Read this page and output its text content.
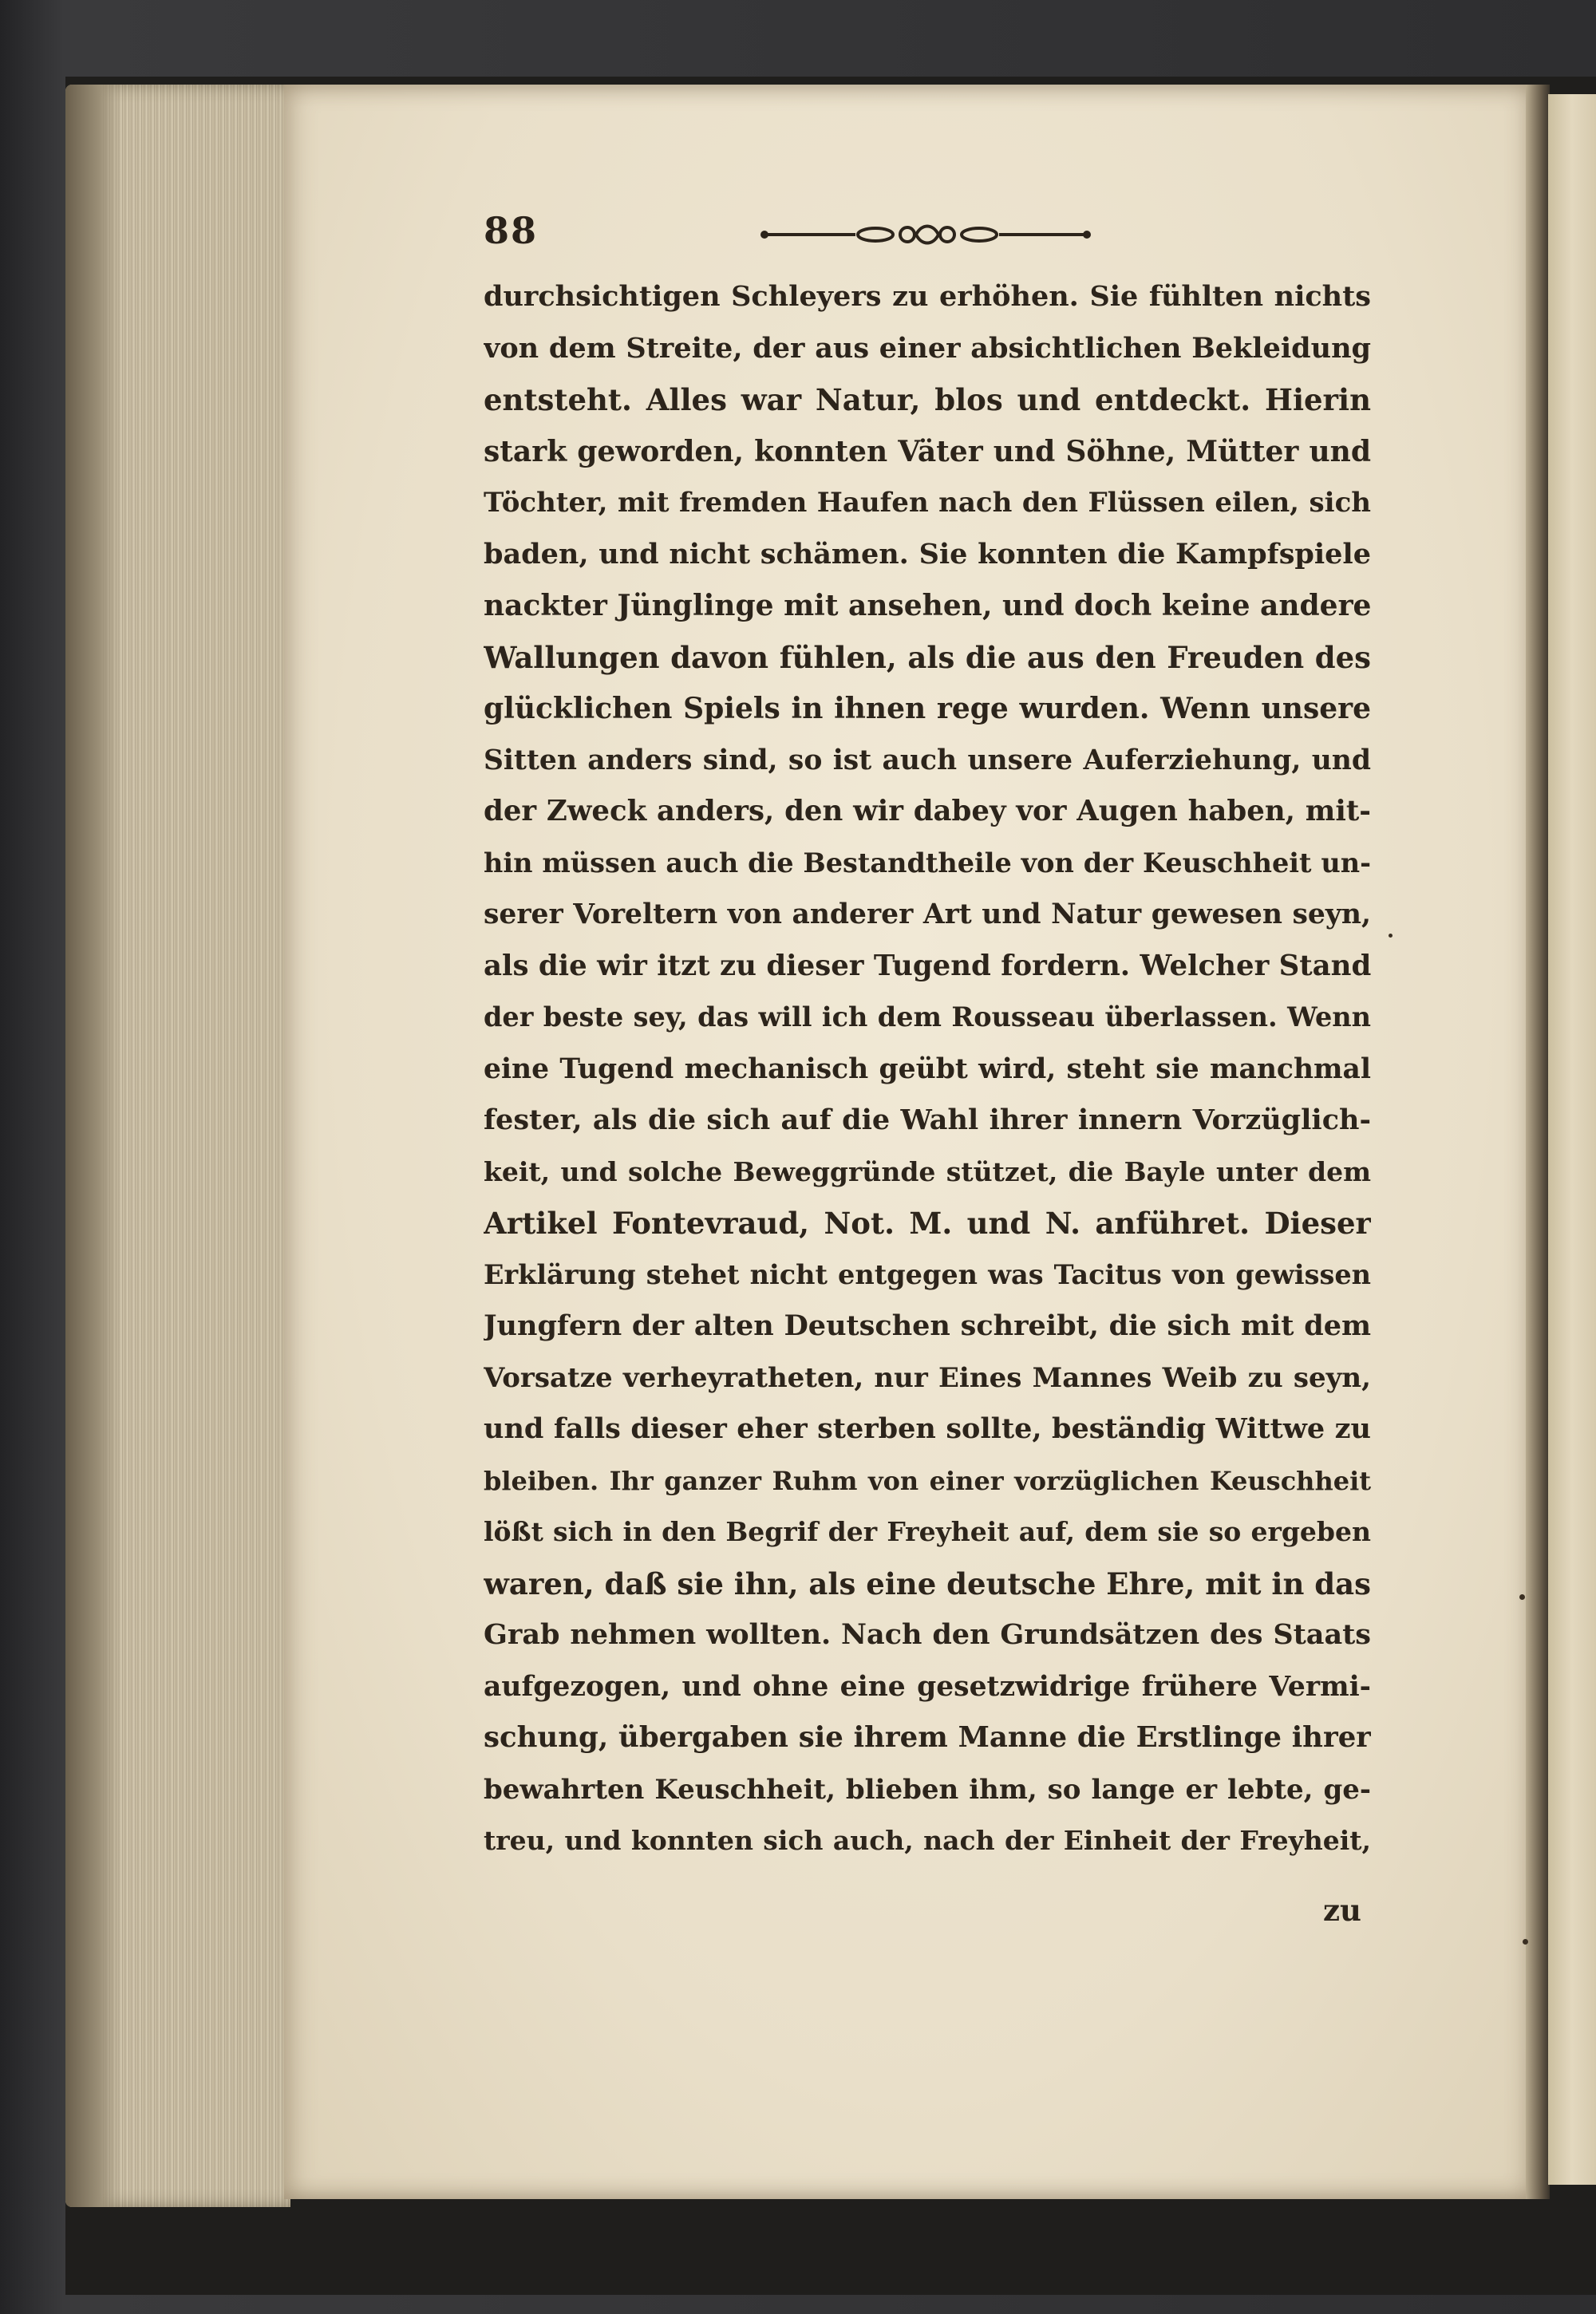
88
durchsichtigen Schleyers zu erhöhen. Sie fühlten nichts
von dem Streite, der aus einer absichtlichen Bekleidung
entsteht. Alles war Natur, blos und entdeckt. Hierin
stark geworden, konnten Väter und Söhne, Mütter und
Töchter, mit fremden Haufen nach den Flüssen eilen, sich
baden, und nicht schämen. Sie konnten die Kampfspiele
nackter Jünglinge mit ansehen, und doch keine andere
Wallungen davon fühlen, als die aus den Freuden des
glücklichen Spiels in ihnen rege wurden. Wenn unsere
Sitten anders sind, so ist auch unsere Auferziehung, und
der Zweck anders, den wir dabey vor Augen haben, mit-
hin müssen auch die Bestandtheile von der Keuschheit un-
serer Voreltern von anderer Art und Natur gewesen seyn,
als die wir itzt zu dieser Tugend fordern. Welcher Stand
der beste sey, das will ich dem Rousseau überlassen. Wenn
eine Tugend mechanisch geübt wird, steht sie manchmal
fester, als die sich auf die Wahl ihrer innern Vorzüglich-
keit, und solche Beweggründe stützet, die Bayle unter dem
Artikel Fontevraud, Not. M. und N. anführet. Dieser
Erklärung stehet nicht entgegen was Tacitus von gewissen
Jungfern der alten Deutschen schreibt, die sich mit dem
Vorsatze verheyratheten, nur Eines Mannes Weib zu seyn,
und falls dieser eher sterben sollte, beständig Wittwe zu
bleiben. Ihr ganzer Ruhm von einer vorzüglichen Keuschheit
lößt sich in den Begrif der Freyheit auf, dem sie so ergeben
waren, daß sie ihn, als eine deutsche Ehre, mit in das
Grab nehmen wollten. Nach den Grundsätzen des Staats
aufgezogen, und ohne eine gesetzwidrige frühere Vermi-
schung, übergaben sie ihrem Manne die Erstlinge ihrer
bewahrten Keuschheit, blieben ihm, so lange er lebte, ge-
treu, und konnten sich auch, nach der Einheit der Freyheit,
zu
